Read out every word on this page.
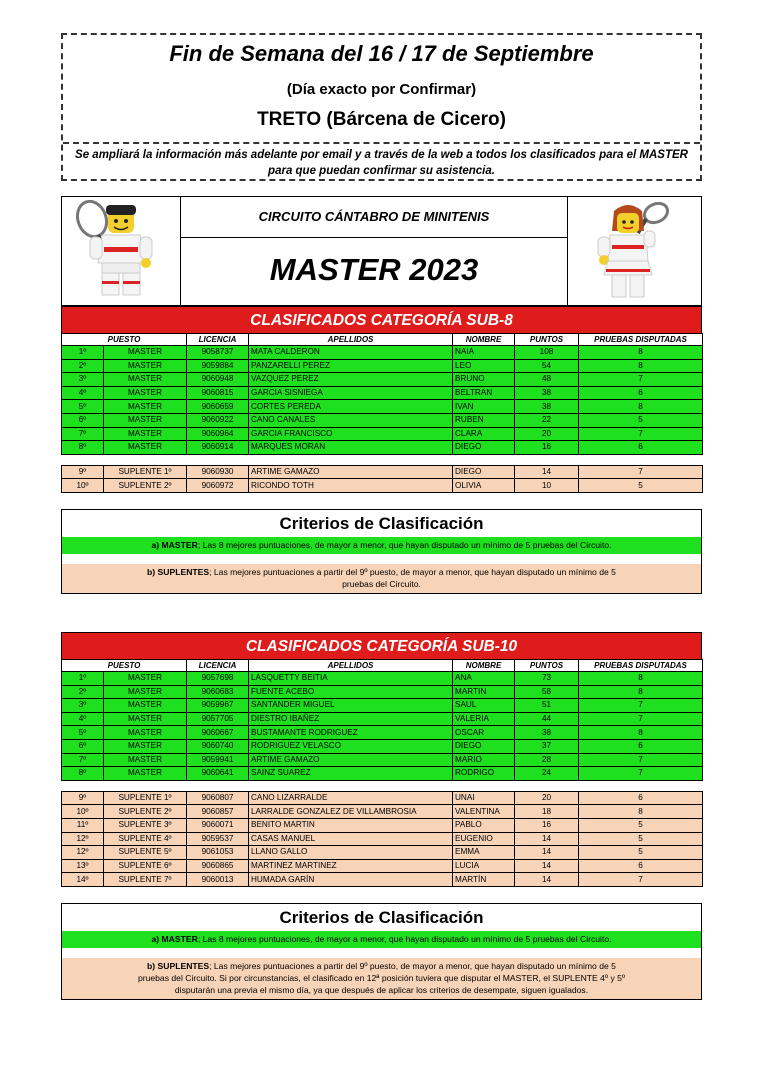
Fin de Semana del 16 / 17 de Septiembre
(Día exacto por Confirmar)
TRETO (Bárcena de Cicero)
Se ampliará la información más adelante por email y a través de la web a todos los clasificados para el MASTER para que puedan confirmar su asistencia.
CIRCUITO CÁNTABRO DE MINITENIS
MASTER 2023
CLASIFICADOS CATEGORÍA SUB-8
PUESTO		LICENCIA	APELLIDOS	NOMBRE	PUNTOS	PRUEBAS DISPUTADAS
1º	MASTER	9058737	MATA CALDERON	NAIA	108	8
2º	MASTER	9059884	PANZARELLI PEREZ	LEO	54	8
3º	MASTER	9060948	VAZQUEZ PEREZ	BRUNO	48	7
4º	MASTER	9060815	GARCIA SISNIEGA	BELTRAN	38	6
5º	MASTER	9060659	CORTES PEREDA	IVAN	38	8
6º	MASTER	9060922	CANO CANALES	RUBEN	22	5
7º	MASTER	9060964	GARCIA FRANCISCO	CLARA	20	7
8º	MASTER	9060914	MARQUES MORAN	DIEGO	16	6

9º	SUPLENTE 1º	9060930	ARTIME GAMAZO	DIEGO	14	7
10º	SUPLENTE 2º	9060972	RICONDO TOTH	OLIVIA	10	5
Criterios de Clasificación
a) MASTER; Las 8 mejores puntuaciones, de mayor a menor, que hayan disputado un mínimo de 5 pruebas del Circuito.
b) SUPLENTES; Las mejores puntuaciones a partir del 9º puesto, de mayor a menor, que hayan disputado un mínimo de 5 pruebas del Circuito.
CLASIFICADOS CATEGORÍA SUB-10
PUESTO		LICENCIA	APELLIDOS	NOMBRE	PUNTOS	PRUEBAS DISPUTADAS
1º	MASTER	9057698	LASQUETTY BEITIA	ANA	73	8
2º	MASTER	9060683	FUENTE ACEBO	MARTIN	58	8
3º	MASTER	9059967	SANTANDER MIGUEL	SAUL	51	7
4º	MASTER	9057705	DIESTRO IBAÑEZ	VALERIA	44	7
5º	MASTER	9060667	BUSTAMANTE RODRIGUEZ	OSCAR	38	8
6º	MASTER	9060740	RODRIGUEZ VELASCO	DIEGO	37	6
7º	MASTER	9059941	ARTIME GAMAZO	MARIO	28	7
8º	MASTER	9060641	SAINZ SUAREZ	RODRIGO	24	7

9º	SUPLENTE 1º	9060807	CANO LIZARRALDE	UNAI	20	6
10º	SUPLENTE 2º	9060857	LARRALDE GONZALEZ DE VILLAMBROSIA	VALENTINA	18	8
11º	SUPLENTE 3º	9060071	BENITO MARTIN	PABLO	16	5
12º	SUPLENTE 4º	9059537	CASAS MANUEL	EUGENIO	14	5
12º	SUPLENTE 5º	9061053	LLANO GALLO	EMMA	14	5
13º	SUPLENTE 6º	9060865	MARTINEZ MARTINEZ	LUCIA	14	6
14º	SUPLENTE 7º	9060013	HUMADA GARÍN	MARTÍN	14	7
Criterios de Clasificación
a) MASTER; Las 8 mejores puntuaciones, de mayor a menor, que hayan disputado un mínimo de 5 pruebas del Circuito.
b) SUPLENTES; Las mejores puntuaciones a partir del 9º puesto, de mayor a menor, que hayan disputado un mínimo de 5 pruebas del Circuito. Si por circunstancias, el clasificado en 12ª posición tuviera que disputar el MASTER, el SUPLENTE 4º y 5º disputarán una previa el mismo día, ya que después de aplicar los criterios de desempate, siguen igualados.
